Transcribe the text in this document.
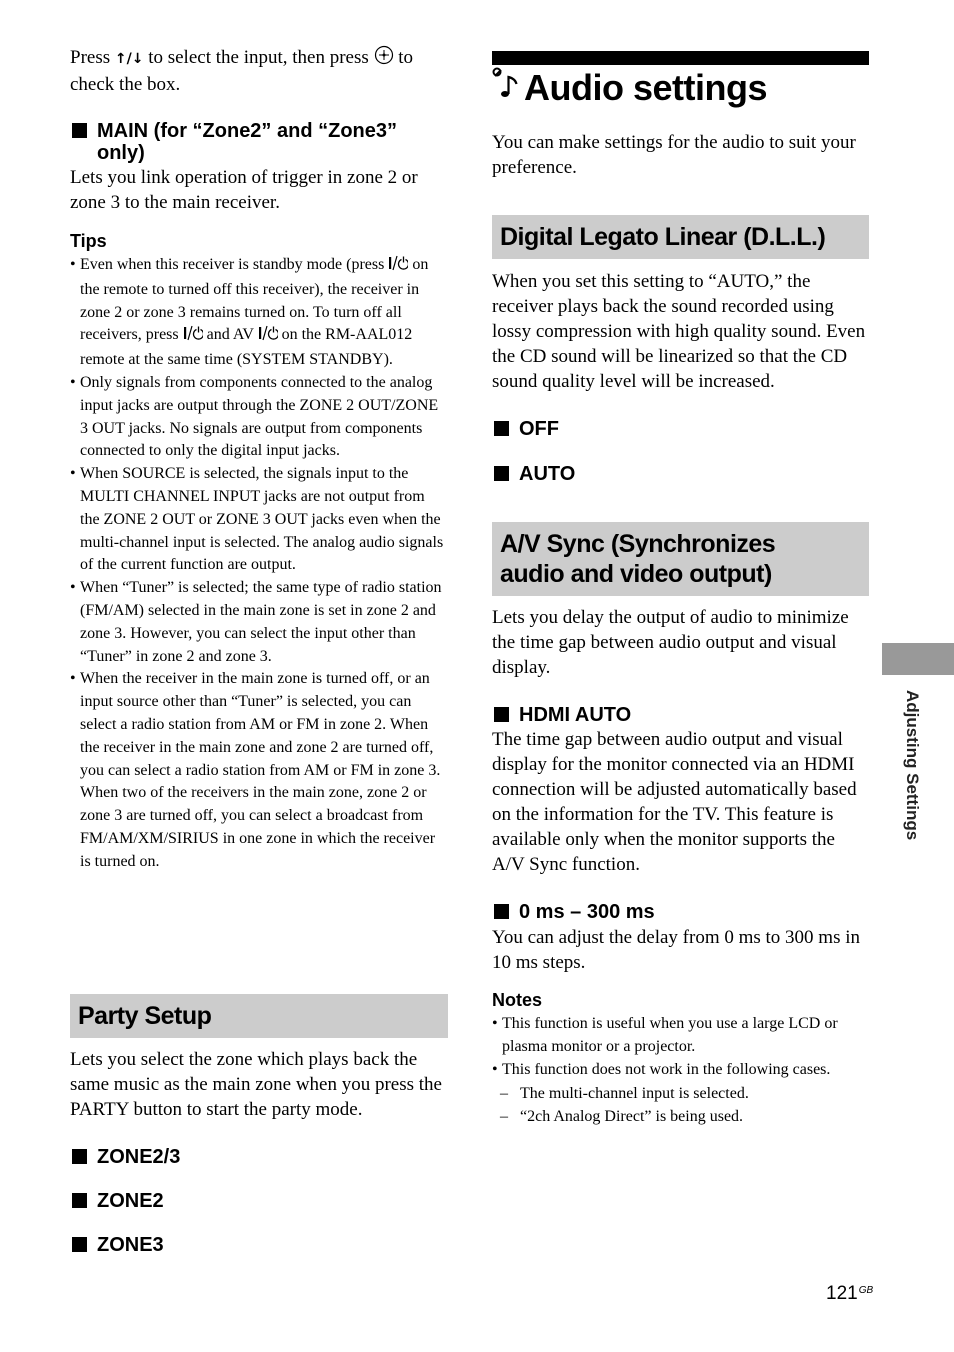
Press ↑/↓ to select the input, then press to check the box.

MAIN (for “Zone2” and “Zone3” only)

Lets you link operation of trigger in zone 2 or zone 3 to the main receiver.

Tips
• Even when this receiver is standby mode (press on the remote to turned off this receiver), the receiver in zone 2 or zone 3 remains turned on. To turn off all receivers, press and AV on the RM-AAL012 remote at the same time (SYSTEM STANDBY).
• Only signals from components connected to the analog input jacks are output through the ZONE 2 OUT/ZONE 3 OUT jacks. No signals are output from components connected to only the digital input jacks.
• When SOURCE is selected, the signals input to the MULTI CHANNEL INPUT jacks are not output from the ZONE 2 OUT or ZONE 3 OUT jacks even when the multi-channel input is selected. The analog audio signals of the current function are output.
• When “Tuner” is selected; the same type of radio station (FM/AM) selected in the main zone is set in zone 2 and zone 3. However, you can select the input other than “Tuner” in zone 2 and zone 3.
• When the receiver in the main zone is turned off, or an input source other than “Tuner” is selected, you can select a radio station from AM or FM in zone 2. When the receiver in the main zone and zone 2 are turned off, you can select a radio station from AM or FM in zone 3.
When two of the receivers in the main zone, zone 2 or zone 3 are turned off, you can select a broadcast from FM/AM/XM/SIRIUS in one zone in which the receiver is turned on.
Party Setup

Lets you select the zone which plays back the same music as the main zone when you press the PARTY button to start the party mode.

ZONE2/3
ZONE2
ZONE3
Audio settings

You can make settings for the audio to suit your preference.

Digital Legato Linear (D.L.L.)

When you set this setting to “AUTO,” the receiver plays back the sound recorded using lossy compression with high quality sound. Even the CD sound will be linearized so that the CD sound quality level will be increased.

OFF
AUTO
A/V Sync (Synchronizes audio and video output)

Lets you delay the output of audio to minimize the time gap between audio output and visual display.

HDMI AUTO

The time gap between audio output and visual display for the monitor connected via an HDMI connection will be adjusted automatically based on the information for the TV. This feature is available only when the monitor supports the A/V Sync function.

0 ms – 300 ms

You can adjust the delay from 0 ms to 300 ms in 10 ms steps.

Notes
• This function is useful when you use a large LCD or plasma monitor or a projector.
• This function does not work in the following cases.
– The multi-channel input is selected.
– “2ch Analog Direct” is being used.
Adjusting Settings
$121^{GB}$
